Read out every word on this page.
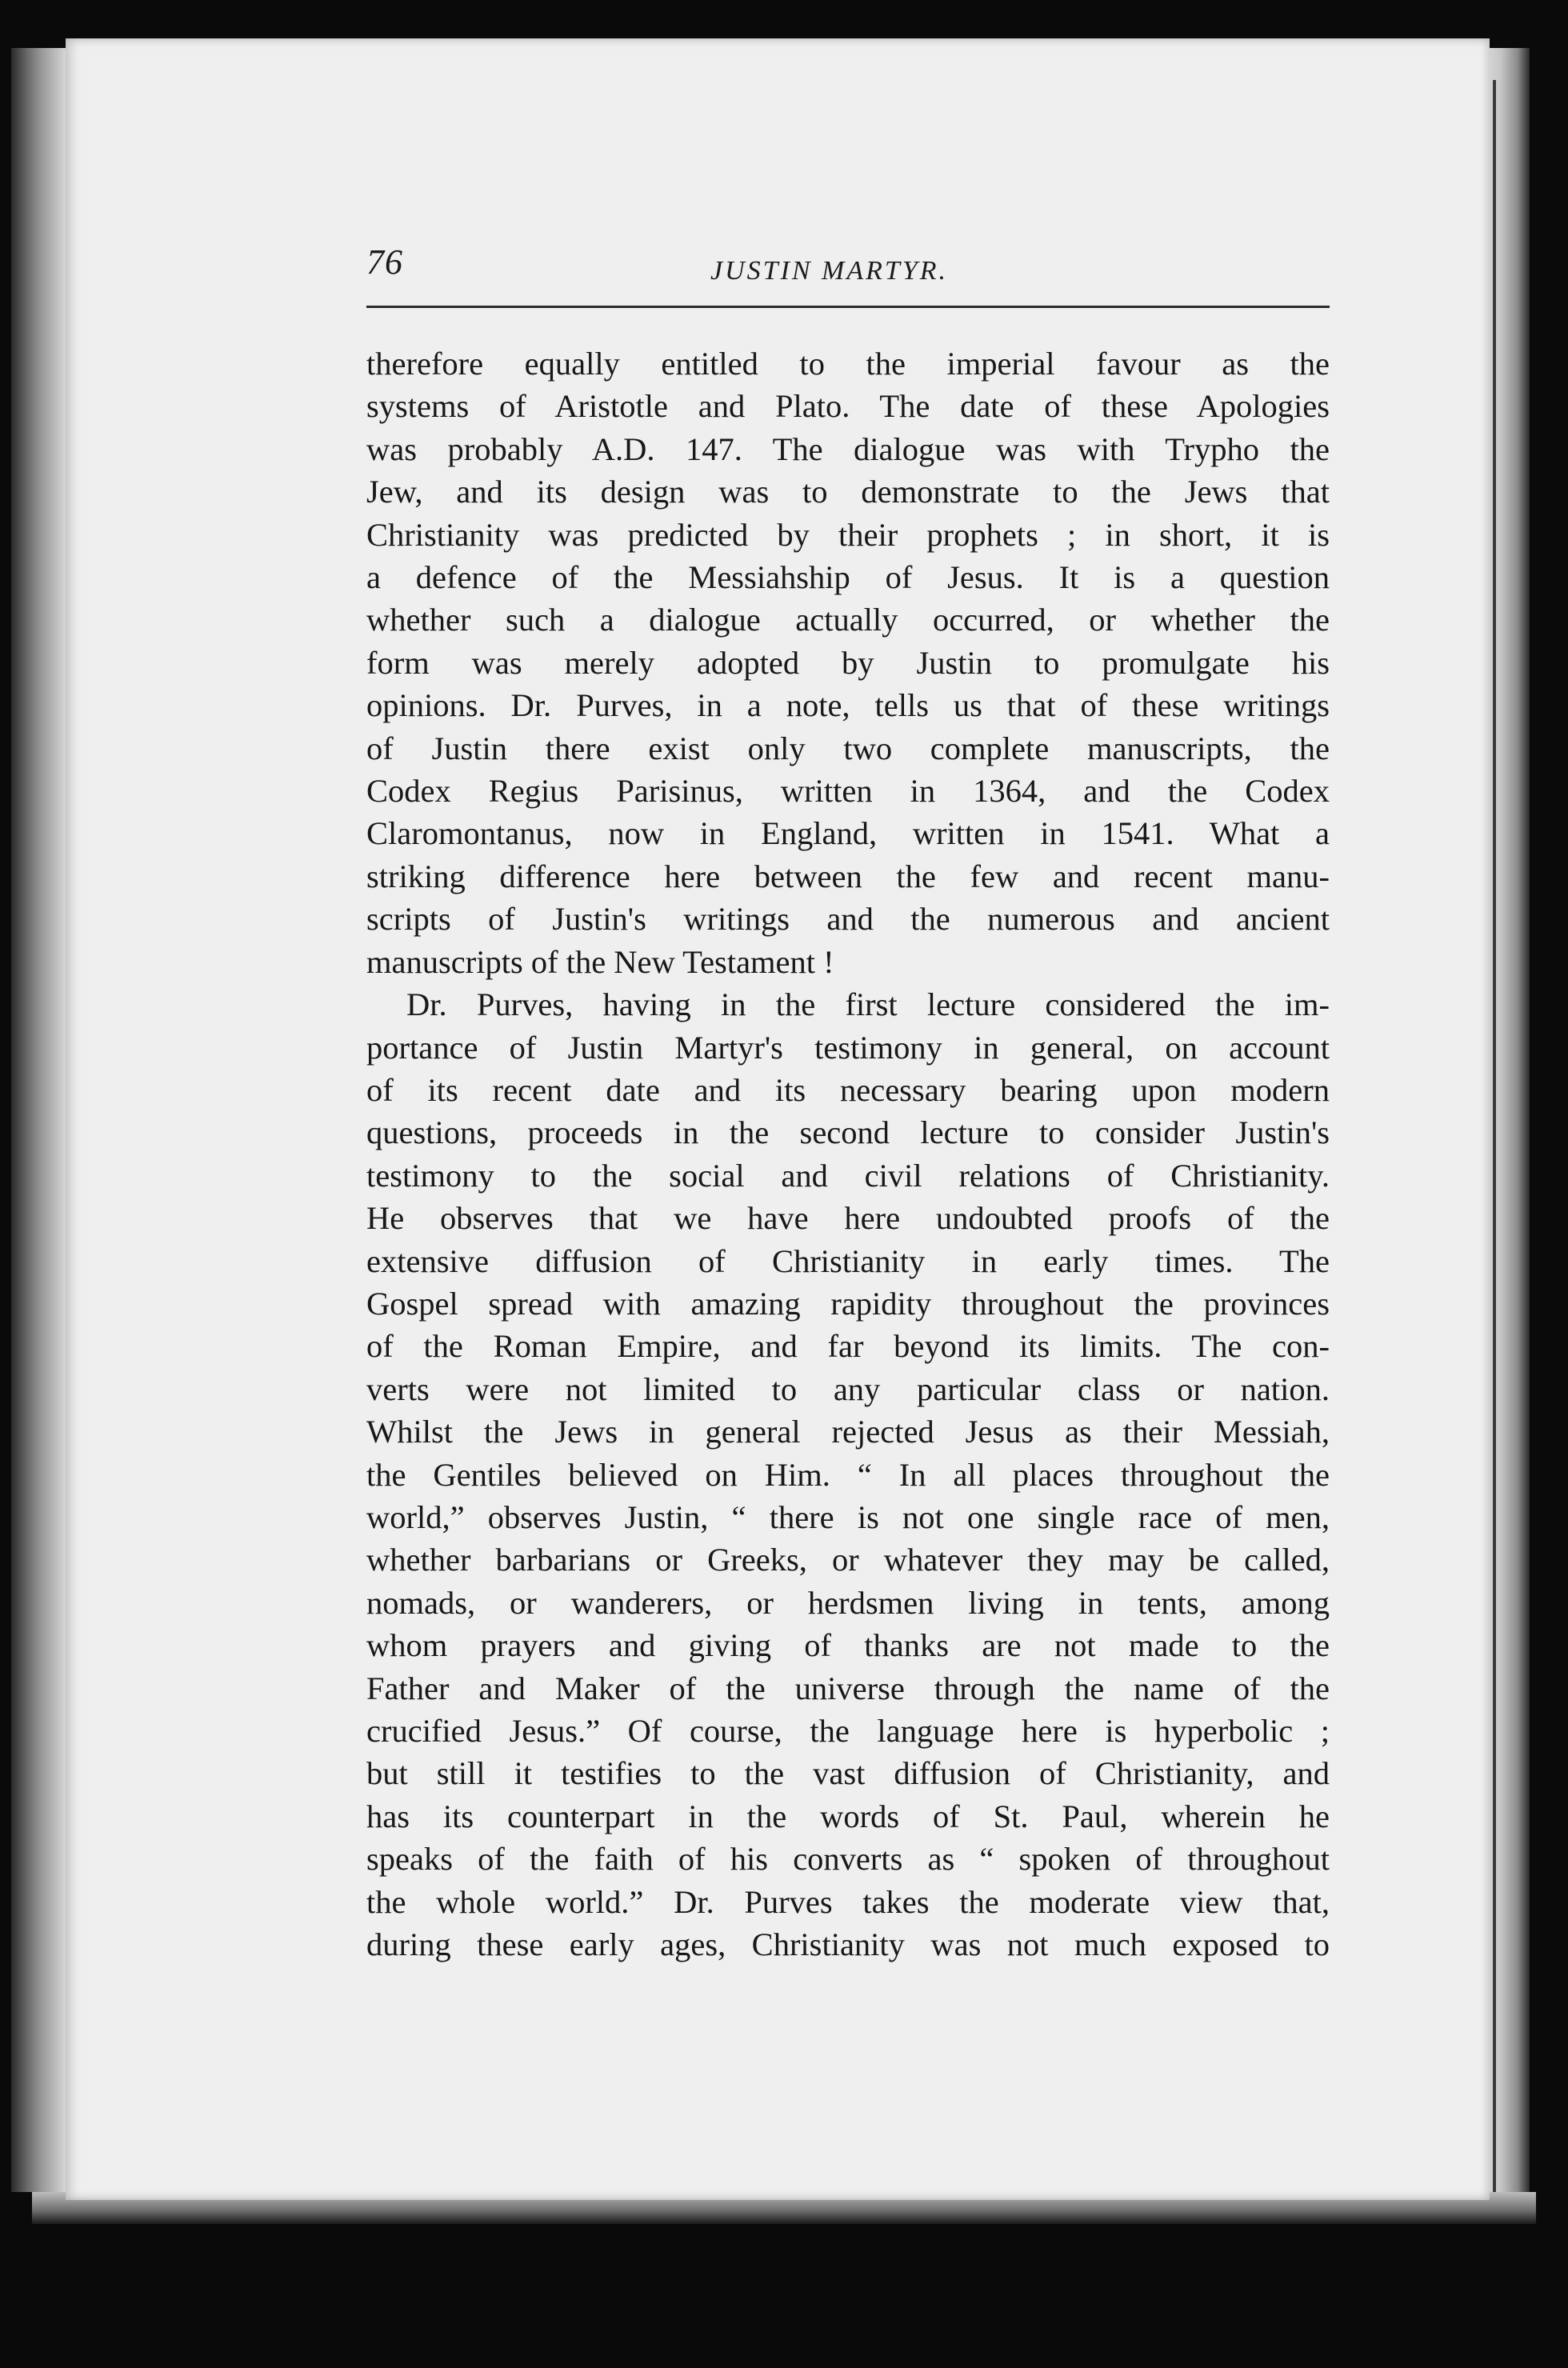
76	JUSTIN MARTYR.

therefore equally entitled to the imperial favour as the

systems of Aristotle and Plato. The date of these Apologies

was probably A.D. 147. The dialogue was with Trypho the

Jew, and its design was to demonstrate to the Jews that

Christianity was predicted by their prophets ; in short, it is

a defence of the Messiahship of Jesus. It is a question

whether such a dialogue actually occurred, or whether the

form was merely adopted by Justin to promulgate his

opinions. Dr. Purves, in a note, tells us that of these writings

of Justin there exist only two complete manuscripts, the

Codex Regius Parisinus, written in 1364, and the Codex

Claromontanus, now in England, written in 1541. What a

striking difference here between the few and recent manu-

scripts of Justin's writings and the numerous and ancient

manuscripts of the New Testament !

Dr. Purves, having in the first lecture considered the im-

portance of Justin Martyr's testimony in general, on account

of its recent date and its necessary bearing upon modern

questions, proceeds in the second lecture to consider Justin's

testimony to the social and civil relations of Christianity.

He observes that we have here undoubted proofs of the

extensive diffusion of Christianity in early times. The

Gospel spread with amazing rapidity throughout the provinces

of the Roman Empire, and far beyond its limits. The con-

verts were not limited to any particular class or nation.

Whilst the Jews in general rejected Jesus as their Messiah,

the Gentiles believed on Him. “ In all places throughout the

world,” observes Justin, “ there is not one single race of men,

whether barbarians or Greeks, or whatever they may be called,

nomads, or wanderers, or herdsmen living in tents, among

whom prayers and giving of thanks are not made to the

Father and Maker of the universe through the name of the

crucified Jesus.” Of course, the language here is hyperbolic ;

but still it testifies to the vast diffusion of Christianity, and

has its counterpart in the words of St. Paul, wherein he

speaks of the faith of his converts as “ spoken of throughout

the whole world.” Dr. Purves takes the moderate view that,

during these early ages, Christianity was not much exposed to
